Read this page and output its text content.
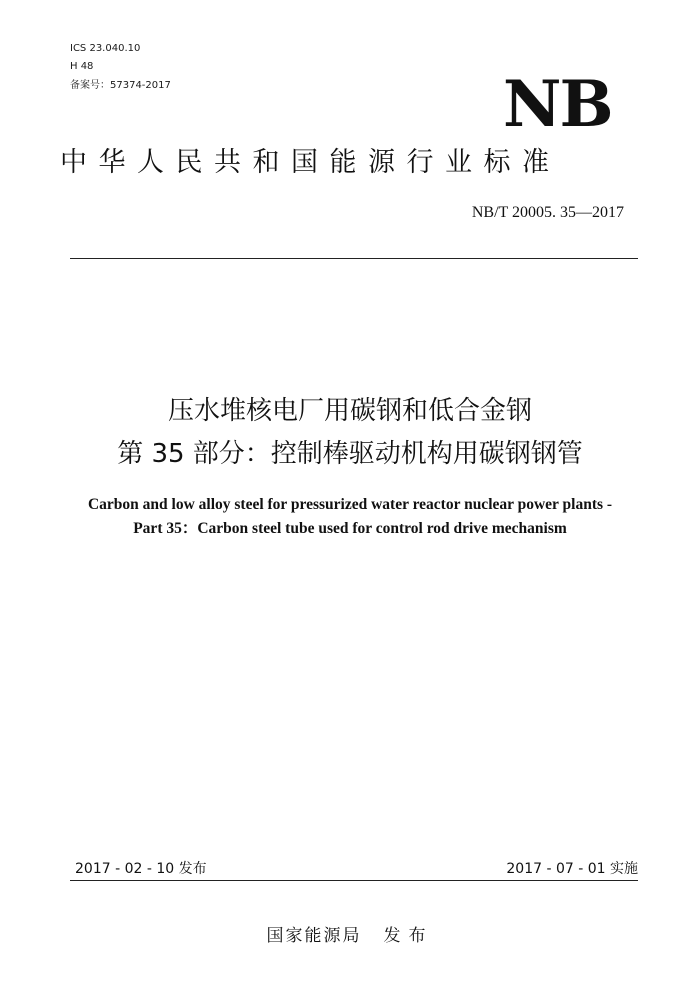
ICS 23.040.10
H 48
备案号：57374-2017	NB
中华人民共和国能源行业标准
NB/T 20005. 35—2017
压水堆核电厂用碳钢和低合金钢
第 35 部分：控制棒驱动机构用碳钢钢管
Carbon and low alloy steel for pressurized water reactor nuclear power plants -
Part 35：Carbon steel tube used for control rod drive mechanism
2017 - 02 - 10 发布	2017 - 07 - 01 实施
国家能源局 发布
